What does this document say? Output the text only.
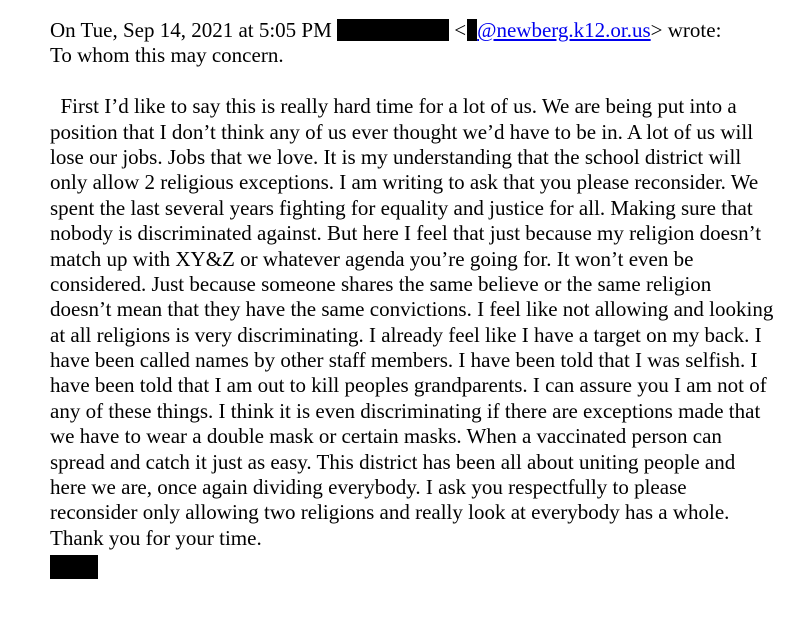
On Tue, Sep 14, 2021 at 5:05 PM	< @newberg.k12.or.us> wrote:
To whom this may concern.
First I’d like to say this is really hard time for a lot of us. We are being put into a
position that I don’t think any of us ever thought we’d have to be in. A lot of us will
lose our jobs. Jobs that we love. It is my understanding that the school district will
only allow 2 religious exceptions. I am writing to ask that you please reconsider. We
spent the last several years fighting for equality and justice for all. Making sure that
nobody is discriminated against. But here I feel that just because my religion doesn’t
match up with XY&Z or whatever agenda you’re going for. It won’t even be
considered. Just because someone shares the same believe or the same religion
doesn’t mean that they have the same convictions. I feel like not allowing and looking
at all religions is very discriminating. I already feel like I have a target on my back. I
have been called names by other staff members. I have been told that I was selfish. I
have been told that I am out to kill peoples grandparents. I can assure you I am not of
any of these things. I think it is even discriminating if there are exceptions made that
we have to wear a double mask or certain masks. When a vaccinated person can
spread and catch it just as easy. This district has been all about uniting people and
here we are, once again dividing everybody. I ask you respectfully to please
reconsider only allowing two religions and really look at everybody has a whole.
Thank you for your time.
